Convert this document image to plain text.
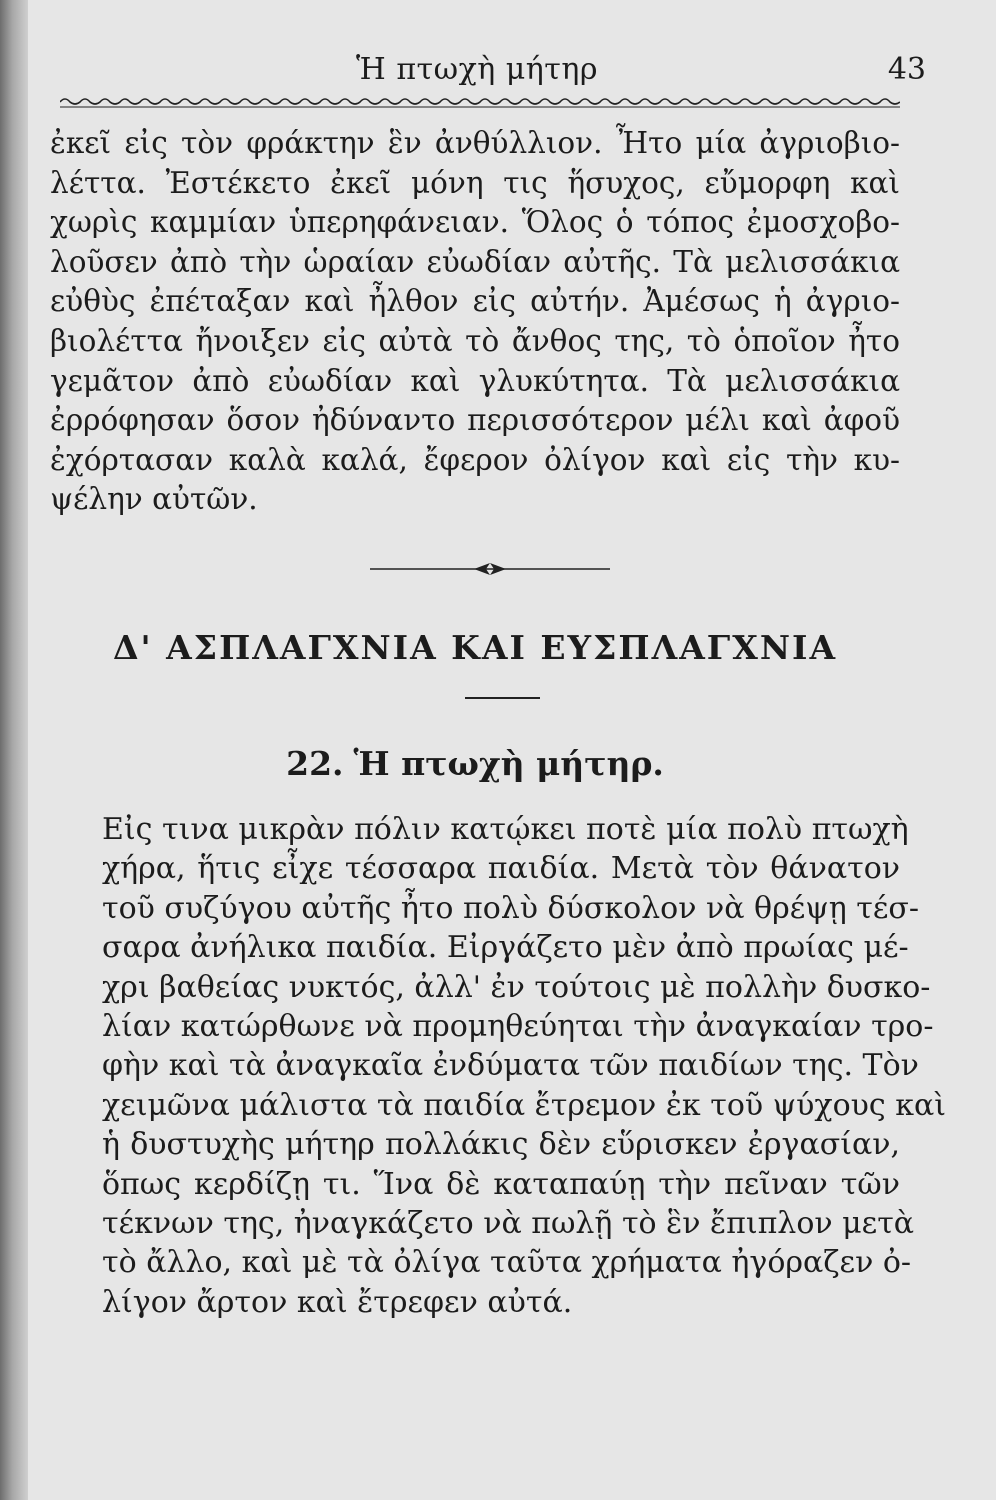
Ἡ πτωχὴ μήτηρ	43
ἐκεῖ εἰς τὸν φράκτην ἓν ἀνθύλλιον. Ἦτο μία ἀγριοβιο-
λέττα. Ἐστέκετο ἐκεῖ μόνη τις ἥσυχος, εὔμορφη καὶ
χωρὶς καμμίαν ὑπερηφάνειαν. Ὅλος ὁ τόπος ἐμοσχοβο-
λοῦσεν ἀπὸ τὴν ὡραίαν εὐωδίαν αὐτῆς. Τὰ μελισσάκια
εὐθὺς ἐπέταξαν καὶ ἦλθον εἰς αὐτήν. Ἀμέσως ἡ ἀγριο-
βιολέττα ἤνοιξεν εἰς αὐτὰ τὸ ἄνθος της, τὸ ὁποῖον ἦτο
γεμᾶτον ἀπὸ εὐωδίαν καὶ γλυκύτητα. Τὰ μελισσάκια
ἐρρόφησαν ὅσον ἠδύναντο περισσότερον μέλι καὶ ἀφοῦ
ἐχόρτασαν καλὰ καλά, ἔφερον ὀλίγον καὶ εἰς τὴν κυ-
ψέλην αὐτῶν.
Δ' ΑΣΠΛΑΓΧΝΙΑ ΚΑΙ ΕΥΣΠΛΑΓΧΝΙΑ
22. Ἡ πτωχὴ μήτηρ.
Εἰς τινα μικρὰν πόλιν κατῴκει ποτὲ μία πολὺ πτωχὴ
χήρα, ἥτις εἶχε τέσσαρα παιδία. Μετὰ τὸν θάνατον
τοῦ συζύγου αὐτῆς ἦτο πολὺ δύσκολον νὰ θρέψῃ τέσ-
σαρα ἀνήλικα παιδία. Εἰργάζετο μὲν ἀπὸ πρωίας μέ-
χρι βαθείας νυκτός, ἀλλ' ἐν τούτοις μὲ πολλὴν δυσκο-
λίαν κατώρθωνε νὰ προμηθεύηται τὴν ἀναγκαίαν τρο-
φὴν καὶ τὰ ἀναγκαῖα ἐνδύματα τῶν παιδίων της. Τὸν
χειμῶνα μάλιστα τὰ παιδία ἔτρεμον ἐκ τοῦ ψύχους καὶ
ἡ δυστυχὴς μήτηρ πολλάκις δὲν εὕρισκεν ἐργασίαν,
ὅπως κερδίζῃ τι. Ἵνα δὲ καταπαύῃ τὴν πεῖναν τῶν
τέκνων της, ἠναγκάζετο νὰ πωλῇ τὸ ἓν ἔπιπλον μετὰ
τὸ ἄλλο, καὶ μὲ τὰ ὀλίγα ταῦτα χρήματα ἠγόραζεν ὀ-
λίγον ἄρτον καὶ ἔτρεφεν αὐτά.
